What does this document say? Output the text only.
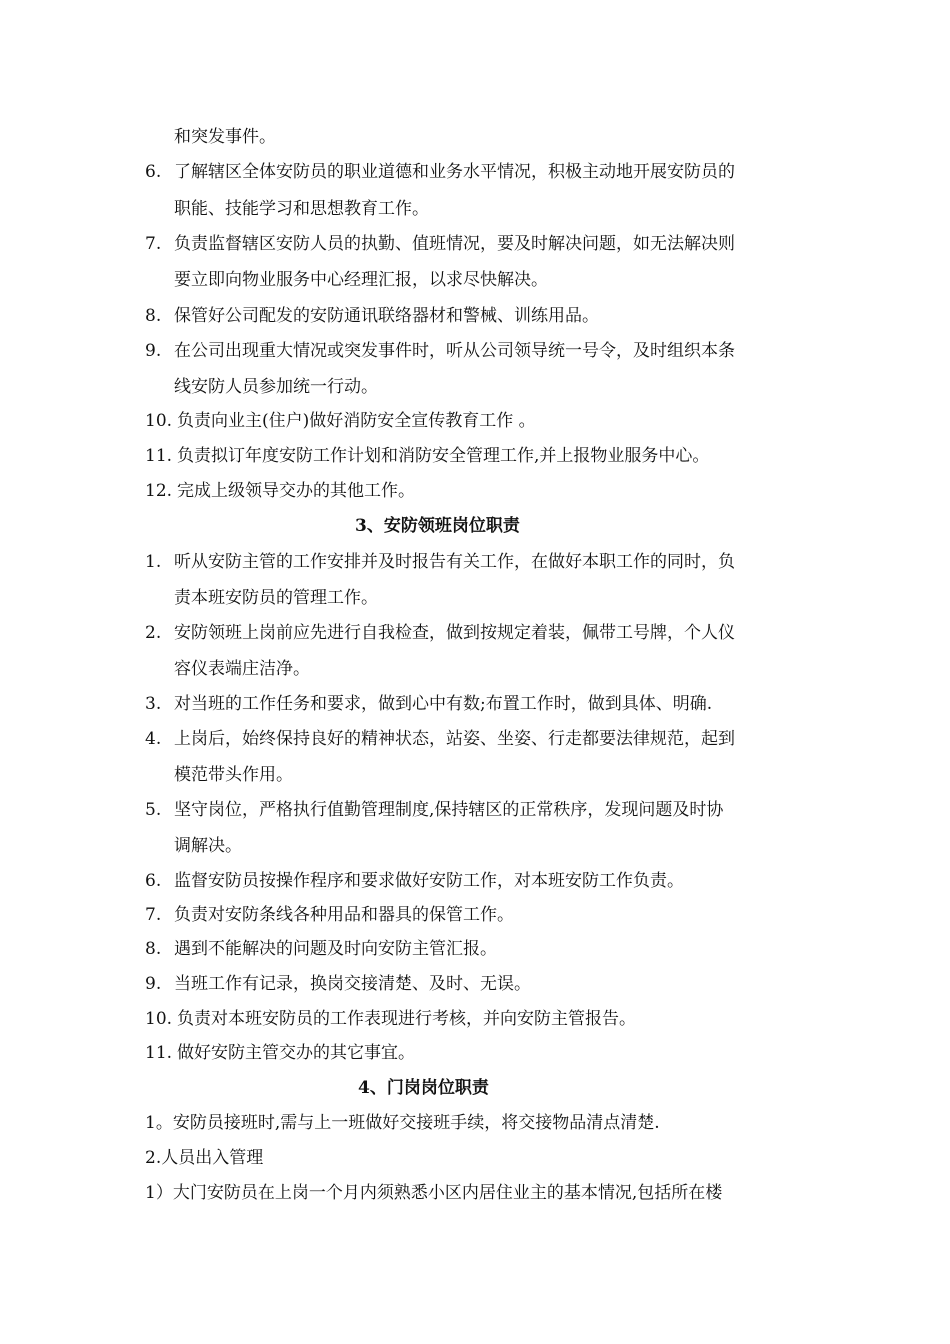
和突发事件。
6. 了解辖区全体安防员的职业道德和业务水平情况，积极主动地开展安防员的
职能、技能学习和思想教育工作。
7. 负责监督辖区安防人员的执勤、值班情况，要及时解决问题，如无法解决则
要立即向物业服务中心经理汇报，以求尽快解决。
8. 保管好公司配发的安防通讯联络器材和警械、训练用品。
9. 在公司出现重大情况或突发事件时，听从公司领导统一号令，及时组织本条
线安防人员参加统一行动。
10. 负责向业主(住户)做好消防安全宣传教育工作 。
11. 负责拟订年度安防工作计划和消防安全管理工作,并上报物业服务中心。
12. 完成上级领导交办的其他工作。
3、安防领班岗位职责
1. 听从安防主管的工作安排并及时报告有关工作，在做好本职工作的同时，负
责本班安防员的管理工作。
2. 安防领班上岗前应先进行自我检查，做到按规定着装，佩带工号牌，个人仪
容仪表端庄洁净。
3. 对当班的工作任务和要求，做到心中有数;布置工作时，做到具体、明确.
4. 上岗后，始终保持良好的精神状态，站姿、坐姿、行走都要法律规范，起到
模范带头作用。
5. 坚守岗位，严格执行值勤管理制度,保持辖区的正常秩序，发现问题及时协
调解决。
6. 监督安防员按操作程序和要求做好安防工作，对本班安防工作负责。
7. 负责对安防条线各种用品和器具的保管工作。
8. 遇到不能解决的问题及时向安防主管汇报。
9. 当班工作有记录，换岗交接清楚、及时、无误。
10. 负责对本班安防员的工作表现进行考核，并向安防主管报告。
11. 做好安防主管交办的其它事宜。
4、门岗岗位职责
1。安防员接班时,需与上一班做好交接班手续，将交接物品清点清楚.
2.人员出入管理
1）大门安防员在上岗一个月内须熟悉小区内居住业主的基本情况,包括所在楼
